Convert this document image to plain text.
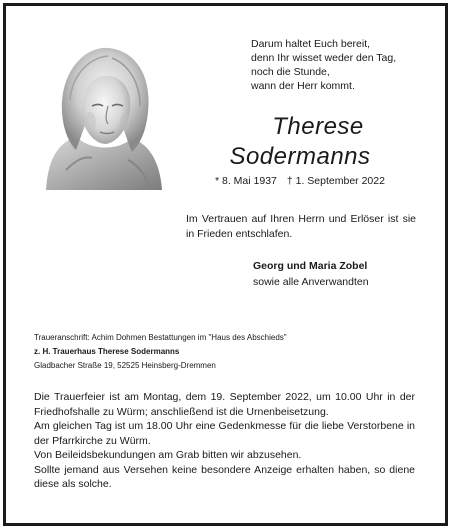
Darum haltet Euch bereit,
denn Ihr wisset weder den Tag,
noch die Stunde,
wann der Herr kommt.
Therese
Sodermanns
* 8. Mai 1937 † 1. September 2022
Im Vertrauen auf Ihren Herrn und Erlöser ist sie in Frieden entschlafen.
Georg und Maria Zobel
sowie alle Anverwandten
Traueranschrift: Achim Dohmen Bestattungen im "Haus des Abschieds"
z. H. Trauerhaus Therese Sodermanns
Gladbacher Straße 19, 52525 Heinsberg-Dremmen

Die Trauerfeier ist am Montag, dem 19. September 2022, um 10.00 Uhr in der Friedhofshalle zu Würm; anschließend ist die Urnenbeisetzung.

Am gleichen Tag ist um 18.00 Uhr eine Gedenkmesse für die liebe Verstorbene in der Pfarrkirche zu Würm.

Von Beileidsbekundungen am Grab bitten wir abzusehen.

Sollte jemand aus Versehen keine besondere Anzeige erhalten haben, so diene diese als solche.
